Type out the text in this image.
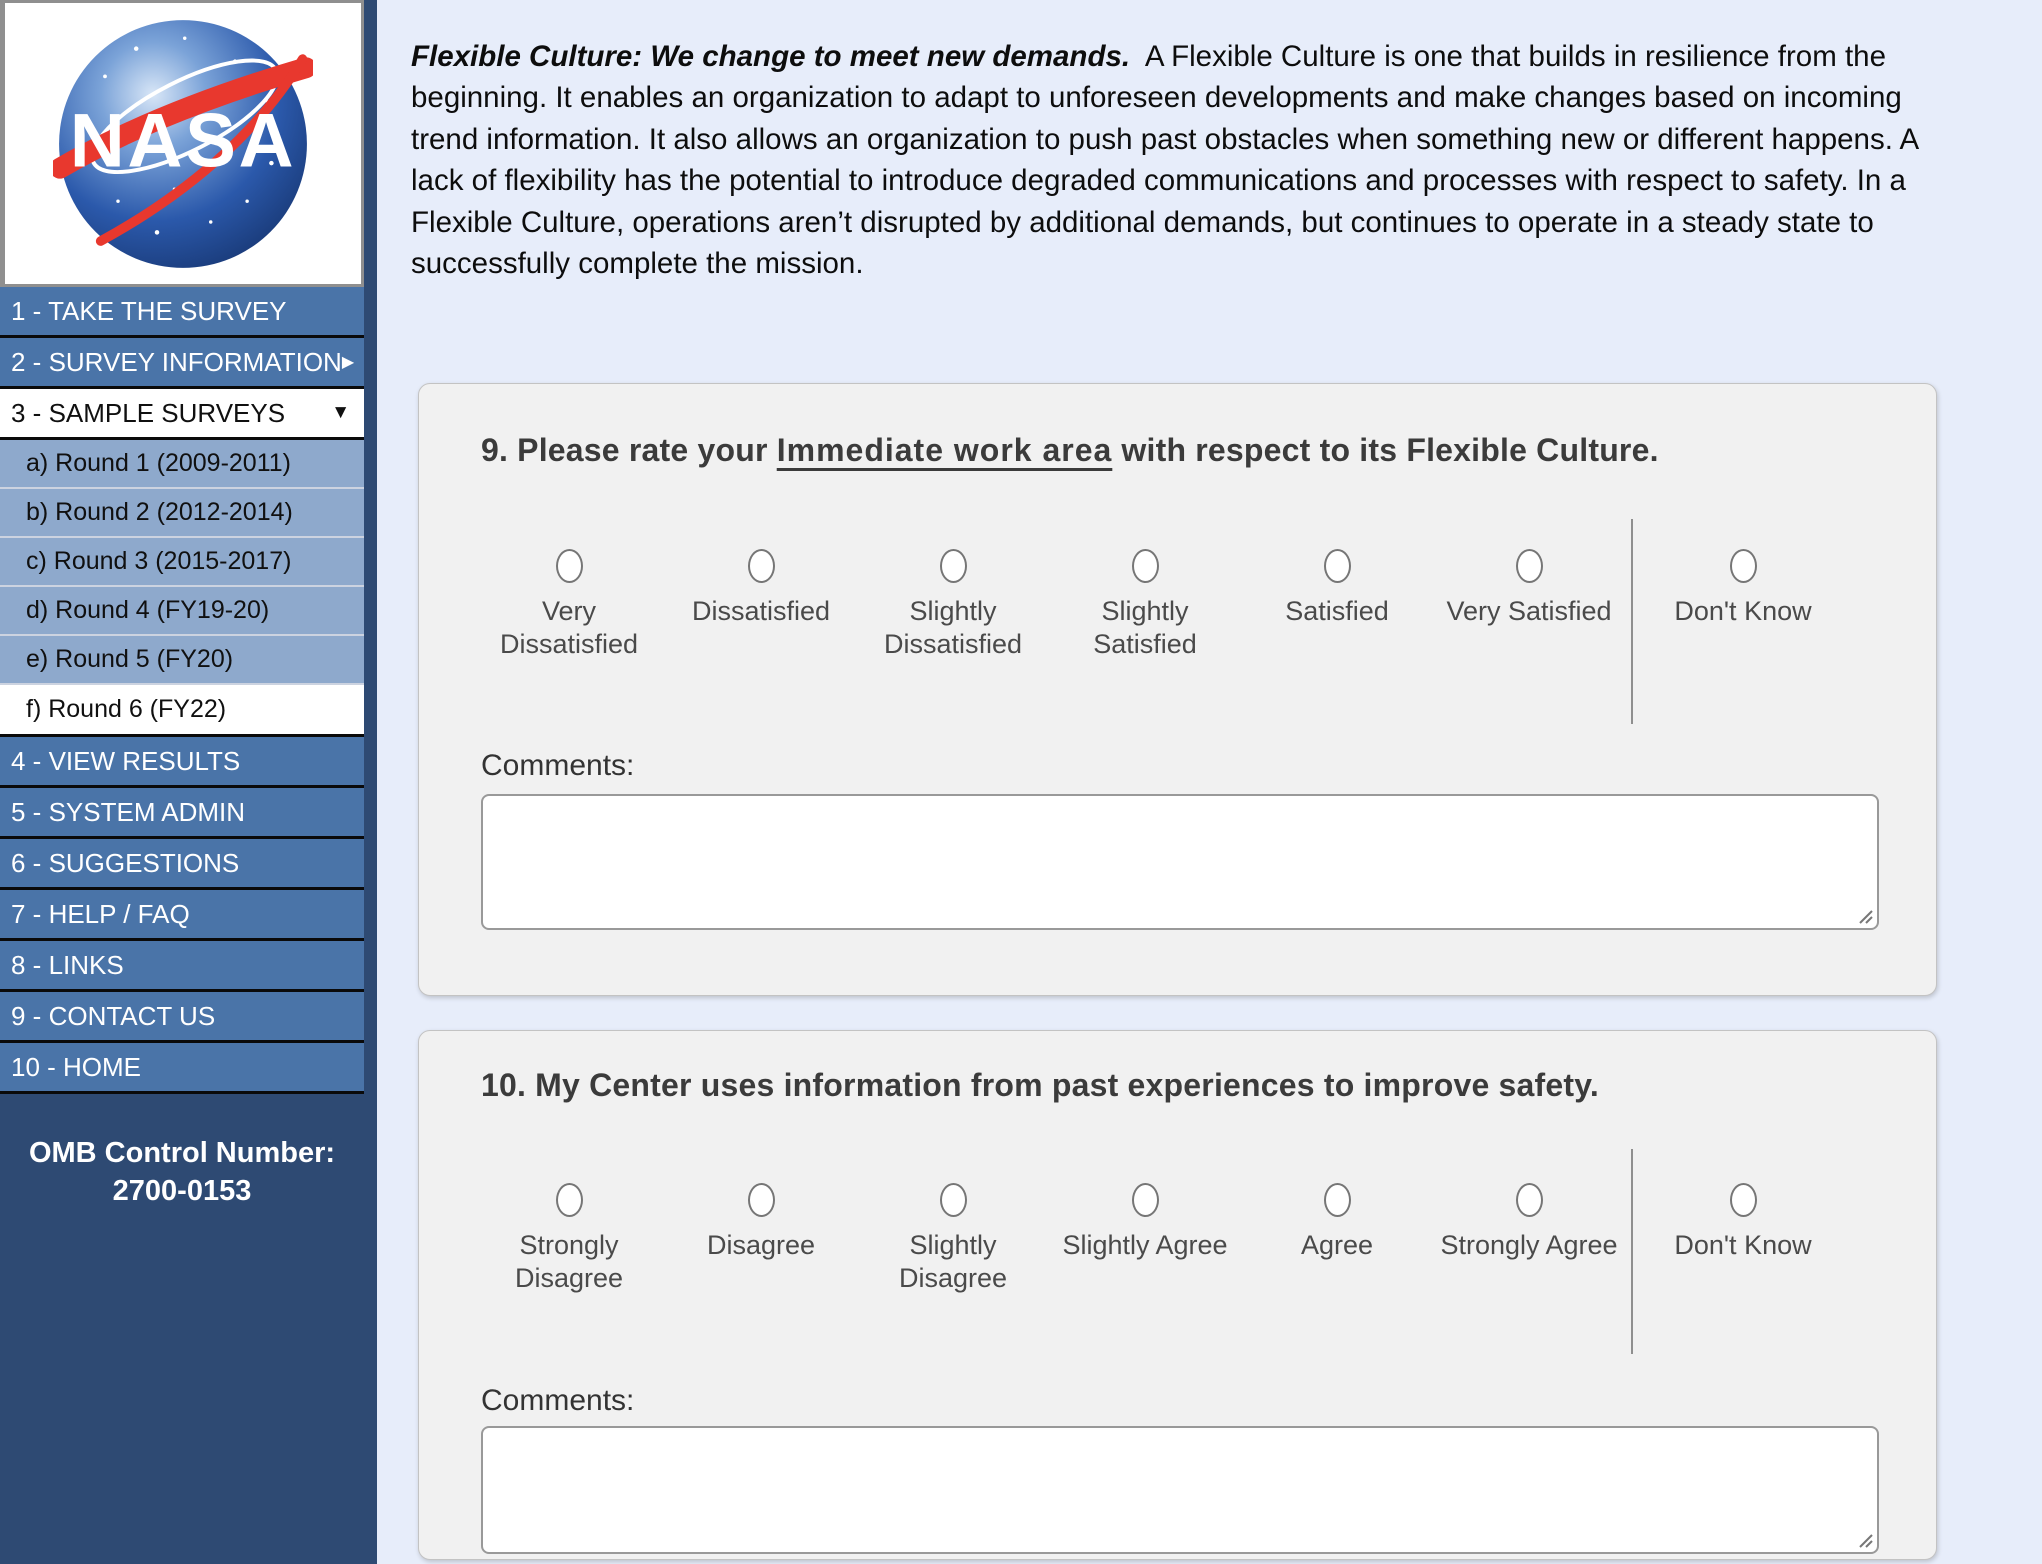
NASA
1 - TAKE THE SURVEY
2 - SURVEY INFORMATION ▶
3 - SAMPLE SURVEYS ▼
a) Round 1 (2009-2011)
b) Round 2 (2012-2014)
c) Round 3 (2015-2017)
d) Round 4 (FY19-20)
e) Round 5 (FY20)
f) Round 6 (FY22)
4 - VIEW RESULTS
5 - SYSTEM ADMIN
6 - SUGGESTIONS
7 - HELP / FAQ
8 - LINKS
9 - CONTACT US
10 - HOME
OMB Control Number:
2700-0153

Flexible Culture: We change to meet new demands.  A Flexible Culture is one that builds in resilience from the beginning. It enables an organization to adapt to unforeseen developments and make changes based on incoming trend information. It also allows an organization to push past obstacles when something new or different happens. A lack of flexibility has the potential to introduce degraded communications and processes with respect to safety. In a Flexible Culture, operations aren’t disrupted by additional demands, but continues to operate in a steady state to successfully complete the mission.

9. Please rate your Immediate work area with respect to its Flexible Culture.
Very Dissatisfied
Dissatisfied	Slightly Dissatisfied
Slightly Satisfied
Satisfied	Very Satisfied	Don't Know
Comments:
10. My Center uses information from past experiences to improve safety.
Strongly Disagree
Disagree	Slightly Disagree
Slightly Agree	Agree	Strongly Agree	Don't Know
Comments:
